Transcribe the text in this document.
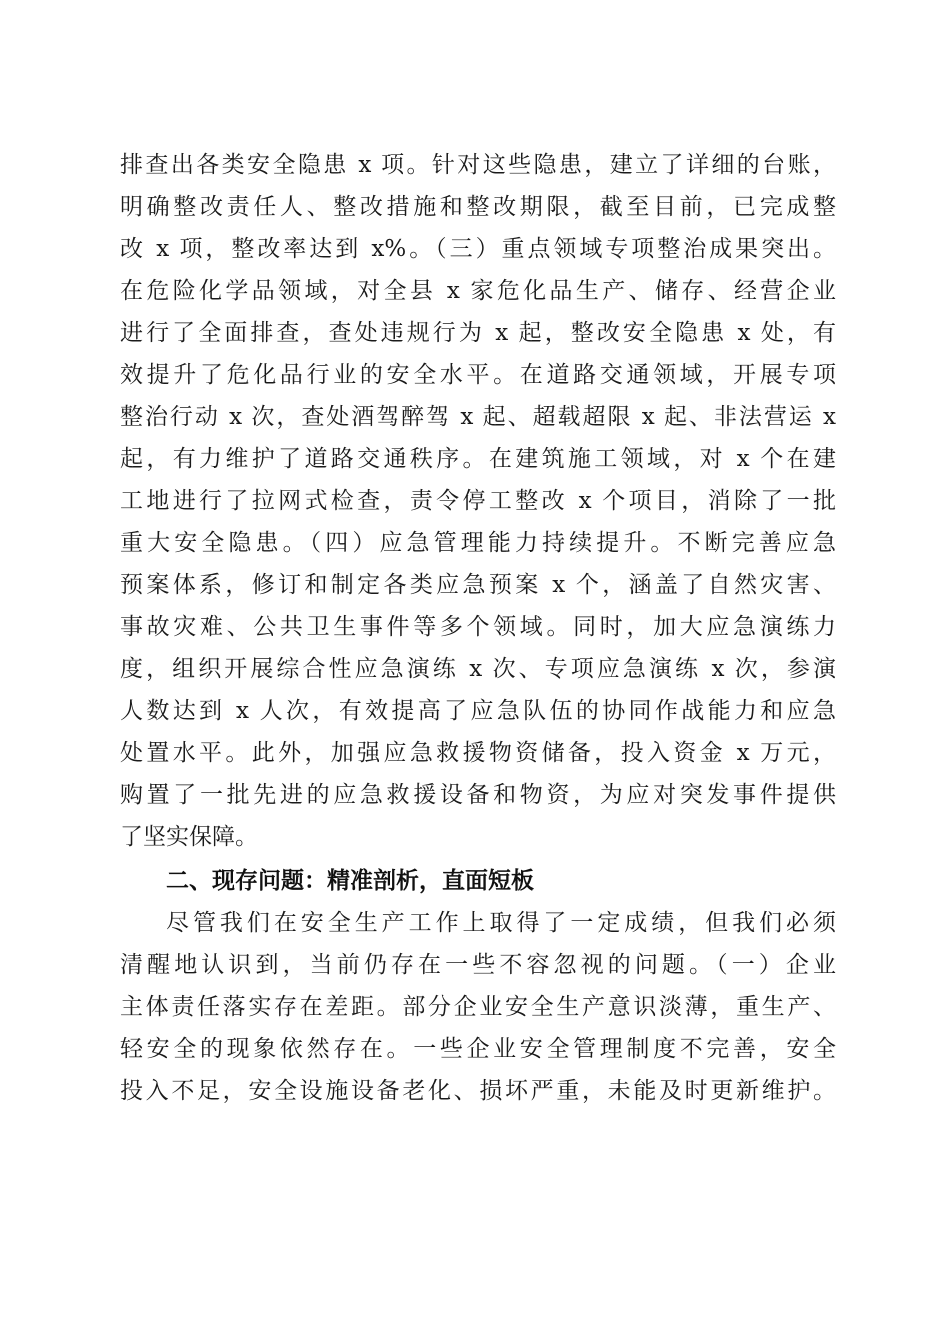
排查出各类安全隐患 x 项。针对这些隐患，建立了详细的台账，
明确整改责任人、整改措施和整改期限，截至目前，已完成整
改 x 项，整改率达到 x%。（三）重点领域专项整治成果突出。
在危险化学品领域，对全县 x 家危化品生产、储存、经营企业
进行了全面排查，查处违规行为 x 起，整改安全隐患 x 处，有
效提升了危化品行业的安全水平。在道路交通领域，开展专项
整治行动 x 次，查处酒驾醉驾 x 起、超载超限 x 起、非法营运 x
起，有力维护了道路交通秩序。在建筑施工领域，对 x 个在建
工地进行了拉网式检查，责令停工整改 x 个项目，消除了一批
重大安全隐患。（四）应急管理能力持续提升。不断完善应急
预案体系，修订和制定各类应急预案 x 个，涵盖了自然灾害、
事故灾难、公共卫生事件等多个领域。同时，加大应急演练力
度，组织开展综合性应急演练 x 次、专项应急演练 x 次，参演
人数达到 x 人次，有效提高了应急队伍的协同作战能力和应急
处置水平。此外，加强应急救援物资储备，投入资金 x 万元，
购置了一批先进的应急救援设备和物资，为应对突发事件提供
了坚实保障。
二、现存问题：精准剖析，直面短板
尽管我们在安全生产工作上取得了一定成绩，但我们必须
清醒地认识到，当前仍存在一些不容忽视的问题。（一）企业
主体责任落实存在差距。部分企业安全生产意识淡薄，重生产、
轻安全的现象依然存在。一些企业安全管理制度不完善，安全
投入不足，安全设施设备老化、损坏严重，未能及时更新维护。
